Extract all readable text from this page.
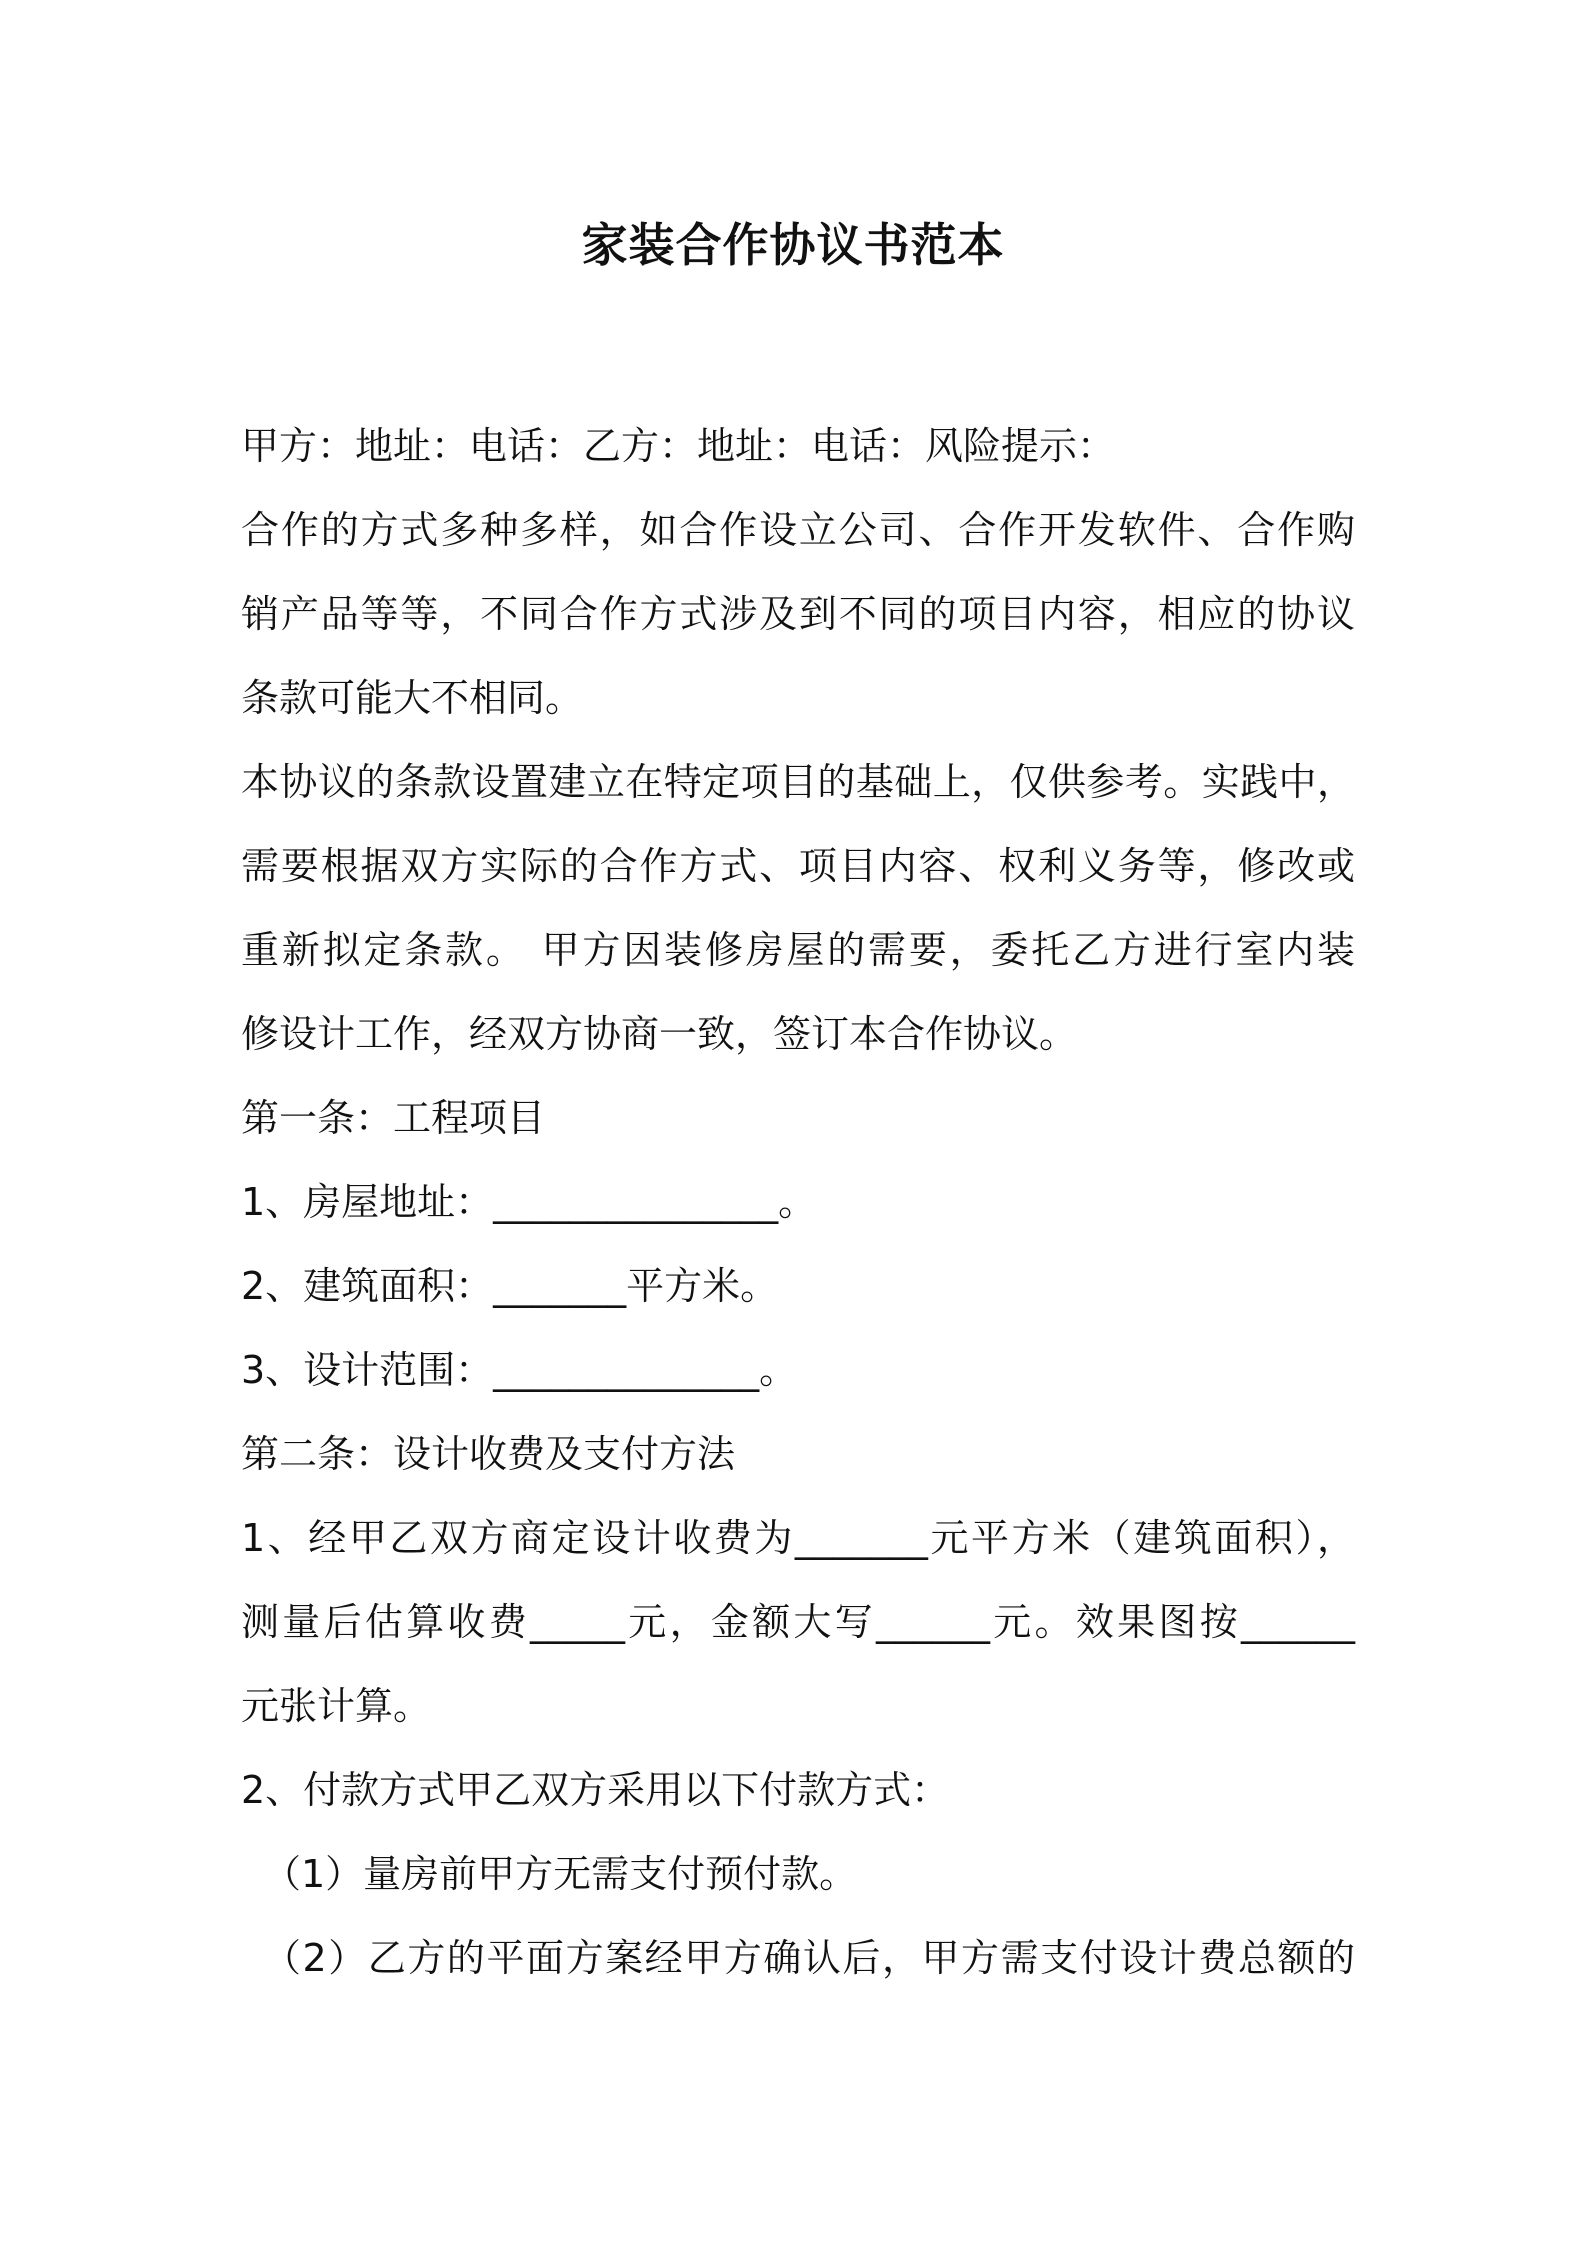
家装合作协议书范本
甲方：地址：电话：乙方：地址：电话：风险提示：
合作的方式多种多样，如合作设立公司、合作开发软件、合作购
销产品等等，不同合作方式涉及到不同的项目内容，相应的协议
条款可能大不相同。
本协议的条款设置建立在特定项目的基础上，仅供参考。实践中，
需要根据双方实际的合作方式、项目内容、权利义务等，修改或
重新拟定条款。 甲方因装修房屋的需要，委托乙方进行室内装
修设计工作，经双方协商一致，签订本合作协议。
第一条：工程项目
1、房屋地址：_______________。
2、建筑面积：_______平方米。
3、设计范围：______________。
第二条：设计收费及支付方法
1、经甲乙双方商定设计收费为_______元平方米（建筑面积），
测量后估算收费_____元，金额大写______元。效果图按______
元张计算。
2、付款方式甲乙双方采用以下付款方式：
（1）量房前甲方无需支付预付款。
（2）乙方的平面方案经甲方确认后，甲方需支付设计费总额的
